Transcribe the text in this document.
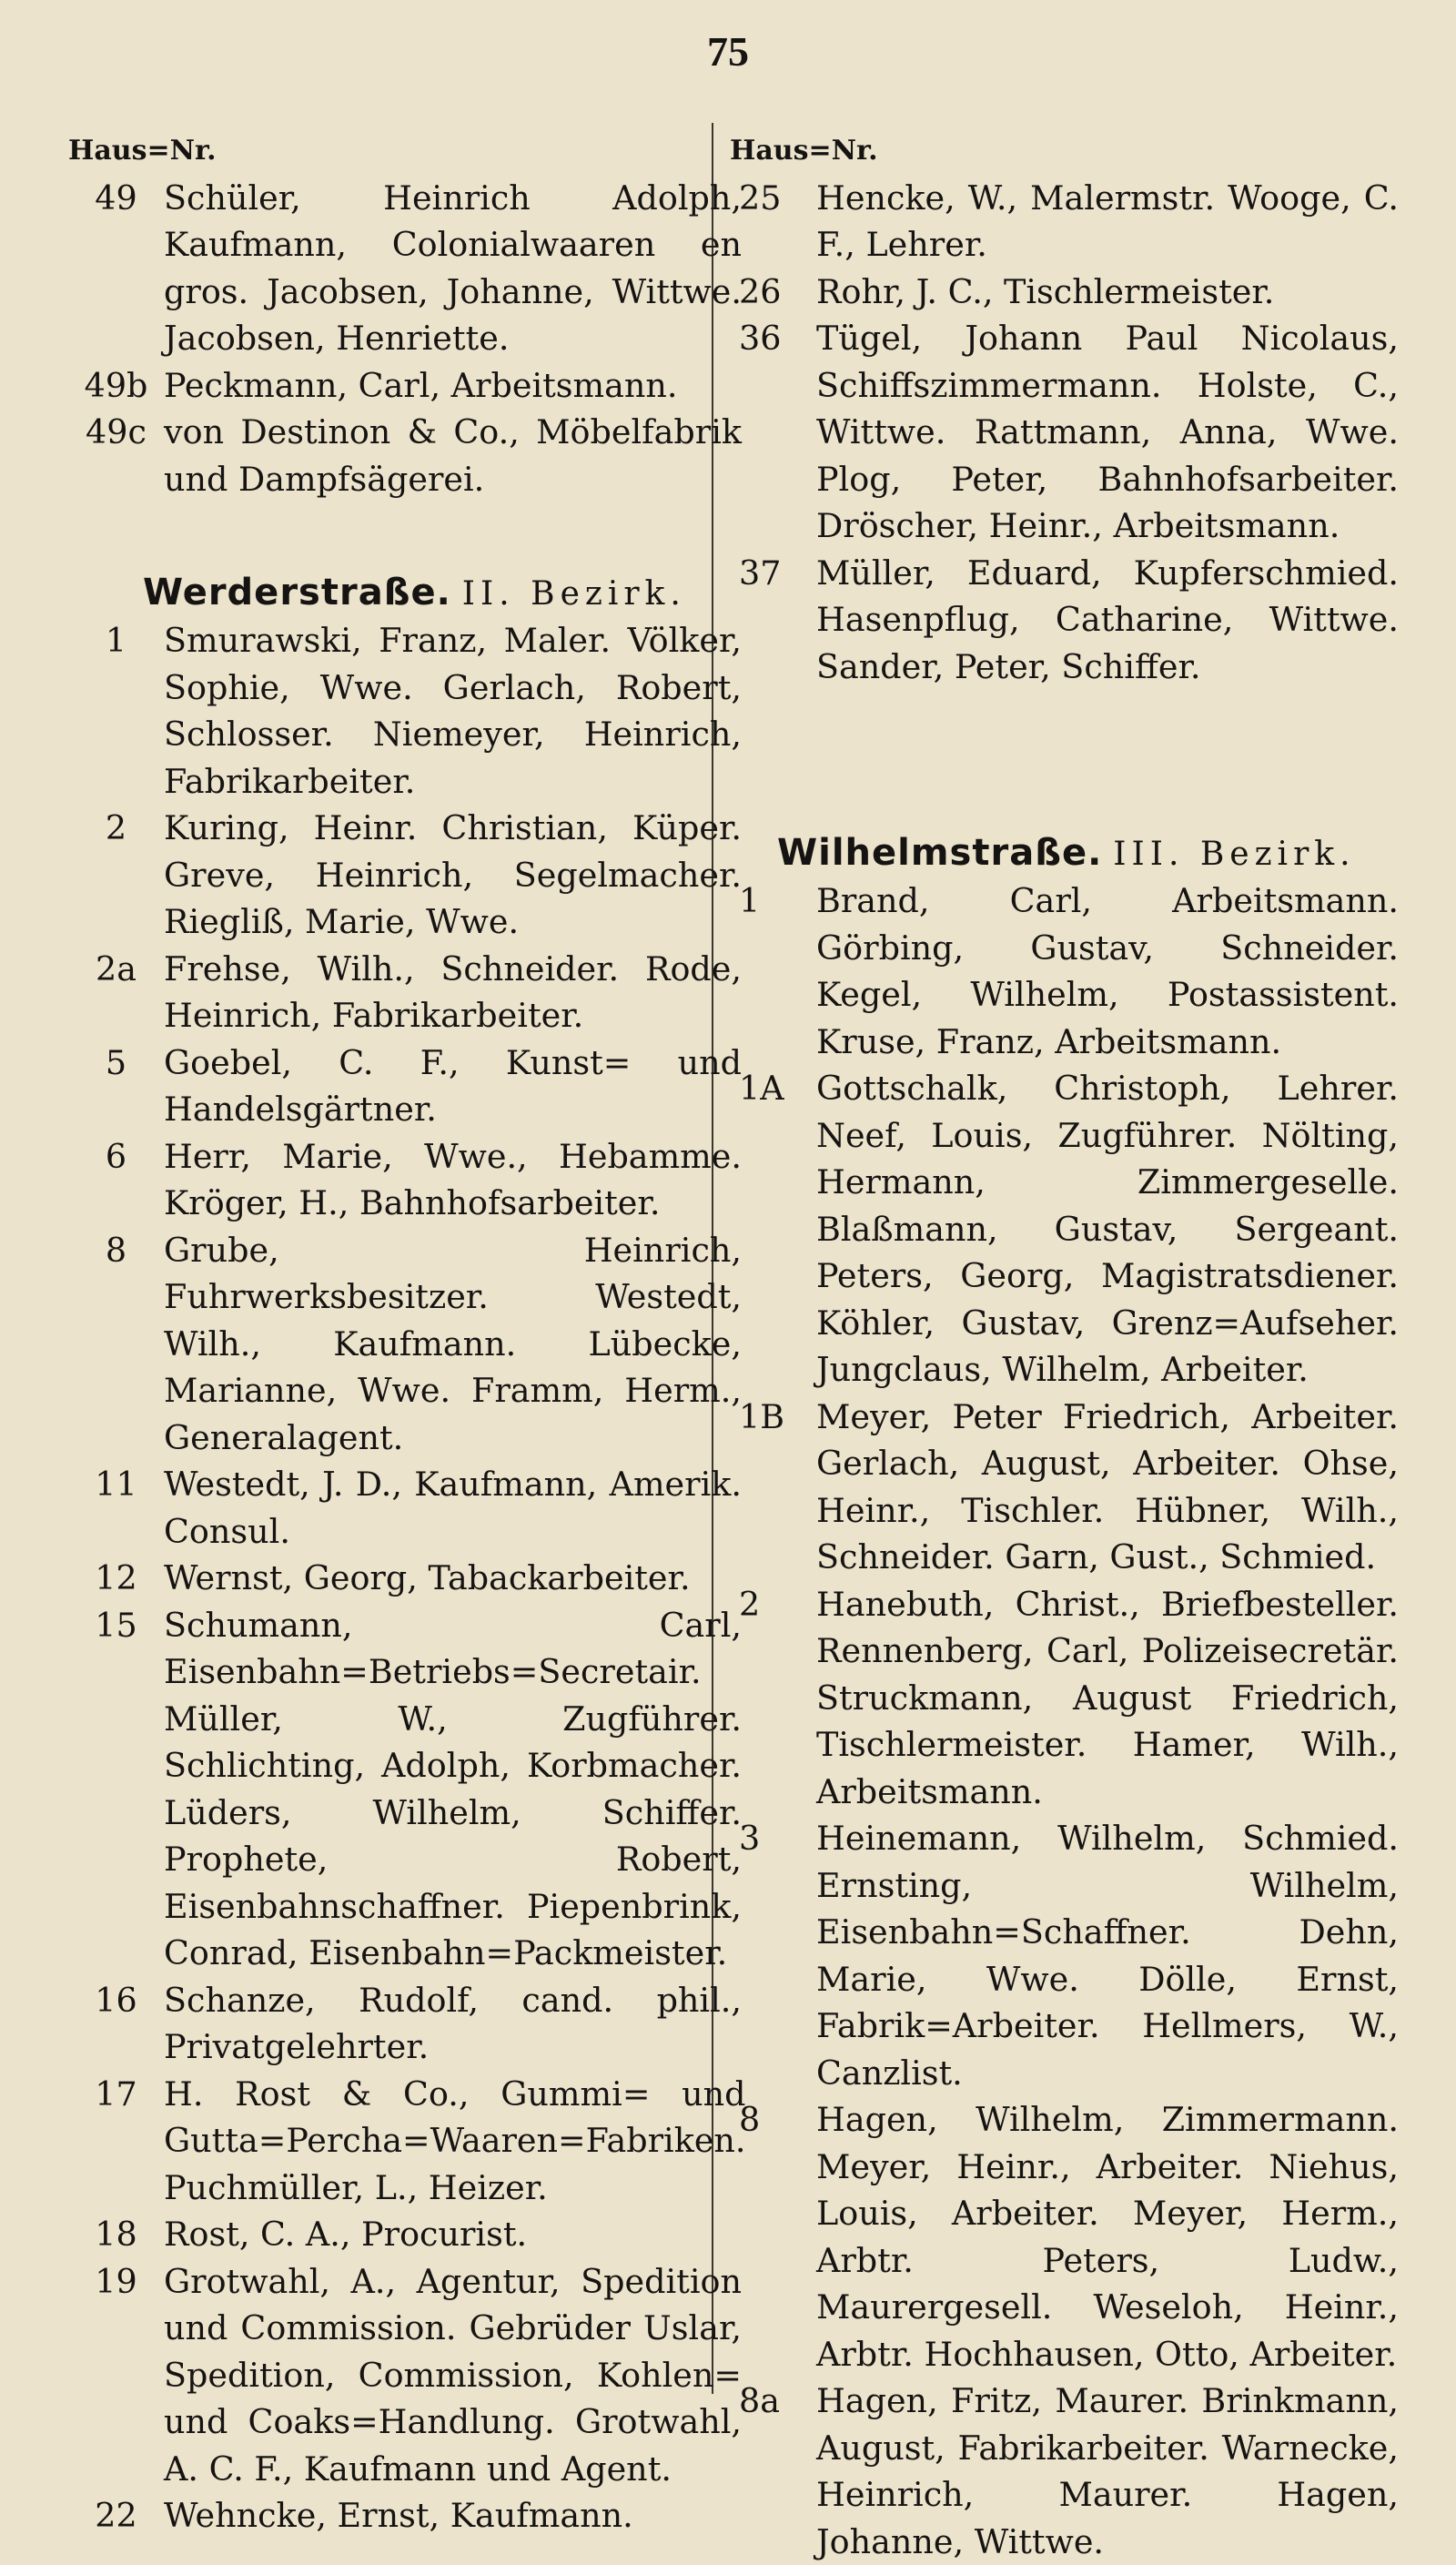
75
Haus=Nr.
49 Schüler, Heinrich Adolph, Kaufmann, Colonialwaaren en gros. Jacobsen, Johanne, Wittwe. Jacobsen, Henriette.
49b Peckmann, Carl, Arbeitsmann.
49c von Destinon & Co., Möbelfabrik und Dampfsägerei.
Werderstraße. II. Bezirk.
1	Smurawski, Franz, Maler. Völker, Sophie, Wwe. Gerlach, Robert, Schlosser. Niemeyer, Heinrich, Fabrikarbeiter.
2	Kuring, Heinr. Christian, Küper. Greve, Heinrich, Segelmacher. Riegliß, Marie, Wwe.
2a Frehse, Wilh., Schneider. Rode, Heinrich, Fabrikarbeiter.
5	Goebel, C. F., Kunst= und Handelsgärtner.
6	Herr, Marie, Wwe., Hebamme. Kröger, H., Bahnhofsarbeiter.
8	Grube, Heinrich, Fuhrwerksbesitzer. Westedt, Wilh., Kaufmann. Lübecke, Marianne, Wwe. Framm, Herm., Generalagent.
11 Westedt, J. D., Kaufmann, Amerik. Consul.
12 Wernst, Georg, Tabackarbeiter.
15 Schumann, Carl, Eisenbahn=Betriebs=Secretair. Müller, W., Zugführer. Schlichting, Adolph, Korbmacher. Lüders, Wilhelm, Schiffer. Prophete, Robert, Eisenbahnschaffner. Piepenbrink, Conrad, Eisenbahn=Packmeister.
16 Schanze, Rudolf, cand. phil., Privatgelehrter.
17 H. Rost & Co., Gummi= und Gutta=Percha=Waaren=Fabriken. Puchmüller, L., Heizer.
18 Rost, C. A., Procurist.
19 Grotwahl, A., Agentur, Spedition und Commission. Gebrüder Uslar, Spedition, Commission, Kohlen= und Coaks=Handlung. Grotwahl, A. C. F., Kaufmann und Agent.
22 Wehncke, Ernst, Kaufmann.
Haus=Nr.
25	Hencke, W., Malermstr. Wooge, C. F., Lehrer.
26	Rohr, J. C., Tischlermeister.
36	Tügel, Johann Paul Nicolaus, Schiffszimmermann. Holste, C., Wittwe. Rattmann, Anna, Wwe. Plog, Peter, Bahnhofsarbeiter. Dröscher, Heinr., Arbeitsmann.
37	Müller, Eduard, Kupferschmied. Hasenpflug, Catharine, Wittwe. Sander, Peter, Schiffer.
Wilhelmstraße. III. Bezirk.
1	Brand, Carl, Arbeitsmann. Görbing, Gustav, Schneider. Kegel, Wilhelm, Postassistent. Kruse, Franz, Arbeitsmann.
1A Gottschalk, Christoph, Lehrer. Neef, Louis, Zugführer. Nölting, Hermann, Zimmergeselle. Blaßmann, Gustav, Sergeant. Peters, Georg, Magistratsdiener. Köhler, Gustav, Grenz=Aufseher. Jungclaus, Wilhelm, Arbeiter.
1B Meyer, Peter Friedrich, Arbeiter. Gerlach, August, Arbeiter. Ohse, Heinr., Tischler. Hübner, Wilh., Schneider. Garn, Gust., Schmied.
2	Hanebuth, Christ., Briefbesteller. Rennenberg, Carl, Polizeisecretär. Struckmann, August Friedrich, Tischlermeister. Hamer, Wilh., Arbeitsmann.
3	Heinemann, Wilhelm, Schmied. Ernsting, Wilhelm, Eisenbahn=Schaffner. Dehn, Marie, Wwe. Dölle, Ernst, Fabrik=Arbeiter. Hellmers, W., Canzlist.
8	Hagen, Wilhelm, Zimmermann. Meyer, Heinr., Arbeiter. Niehus, Louis, Arbeiter. Meyer, Herm., Arbtr. Peters, Ludw., Maurergesell. Weseloh, Heinr., Arbtr. Hochhausen, Otto, Arbeiter.
8a	Hagen, Fritz, Maurer. Brinkmann, August, Fabrikarbeiter. Warnecke, Heinrich, Maurer. Hagen, Johanne, Wittwe.
